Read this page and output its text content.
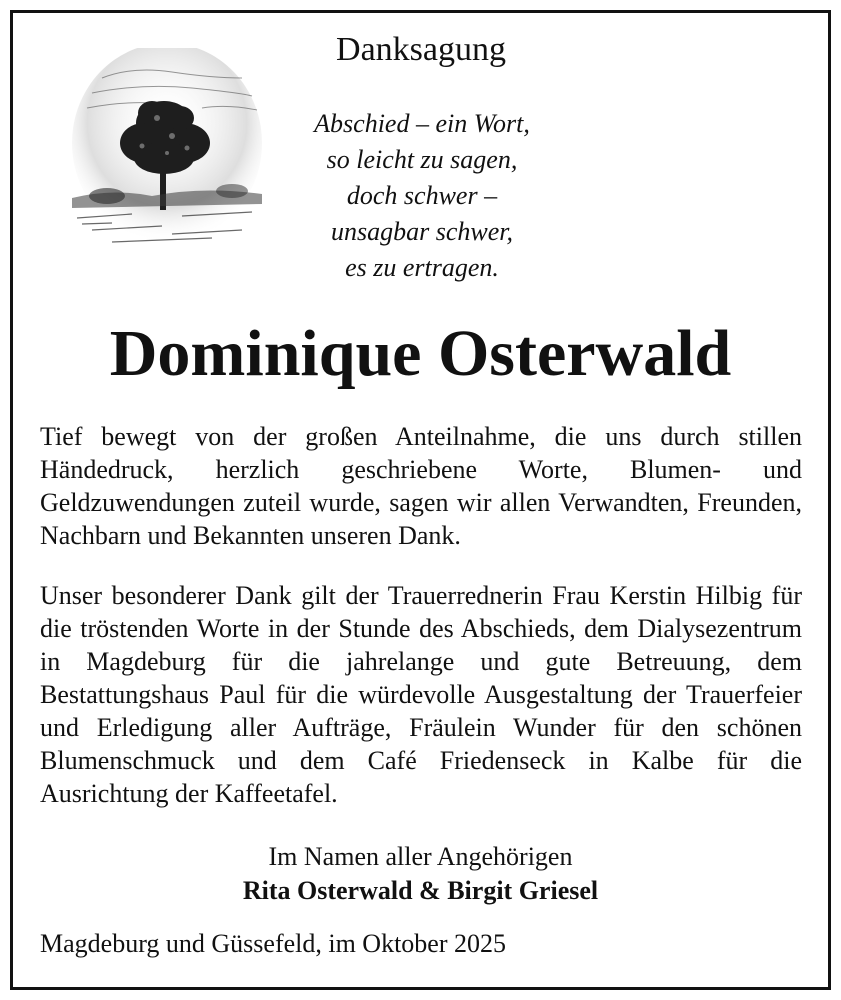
Danksagung
Abschied – ein Wort,
so leicht zu sagen,
doch schwer –
unsagbar schwer,
es zu ertragen.
Dominique Osterwald
Tief bewegt von der großen Anteilnahme, die uns durch stillen Händedruck, herzlich geschriebene Worte, Blumen- und Geldzuwendungen zuteil wurde, sagen wir allen Verwandten, Freunden, Nachbarn und Bekannten unseren Dank.
Unser besonderer Dank gilt der Trauerrednerin Frau Kerstin Hilbig für die tröstenden Worte in der Stunde des Abschieds, dem Dialysezentrum in Magdeburg für die jahrelange und gute Betreuung, dem Bestattungshaus Paul für die würdevolle Ausgestaltung der Trauerfeier und Erledigung aller Aufträge, Fräulein Wunder für den schönen Blumenschmuck und dem Café Friedenseck in Kalbe für die Ausrichtung der Kaffeetafel.
Im Namen aller Angehörigen
Rita Osterwald & Birgit Griesel
Magdeburg und Güssefeld, im Oktober 2025
